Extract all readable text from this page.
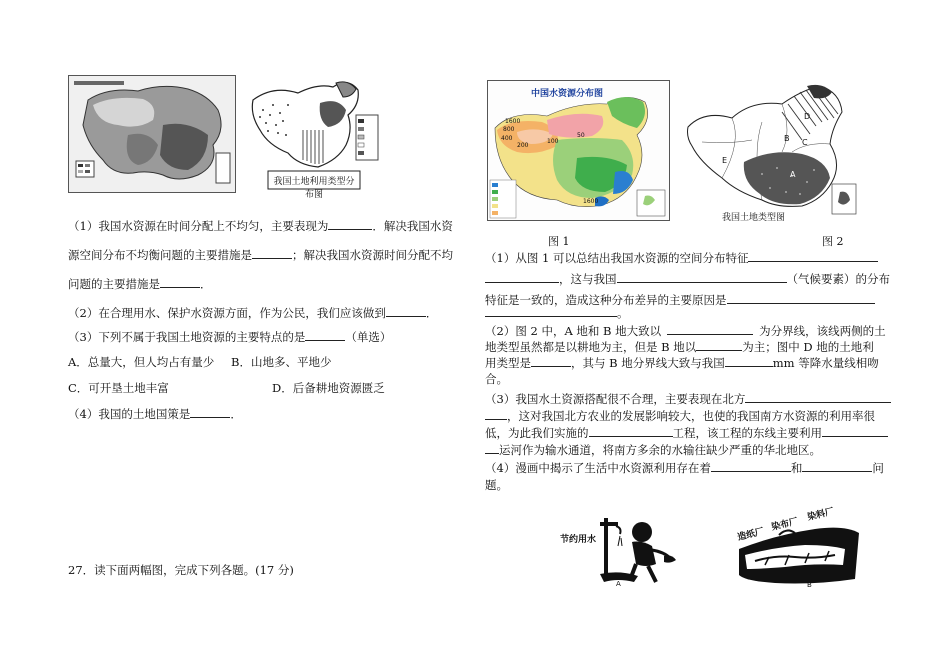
我国土地利用类型分布图
（1）我国水资源在时间分配上不均匀，主要表现为	．解决我国水资
源空间分布不均衡问题的主要措施是	；解决我国水资源时间分配不均
问题的主要措施是	．
（2）在合理用水、保护水资源方面，作为公民，我们应该做到	．
（3）下列不属于我国土地资源的主要特点的是	（单选）
A．总量大，但人均占有量少 B．山地多、平地少
C．可开垦土地丰富	D．后备耕地资源匮乏
（4）我国的土地国策是	．
27．读下面两幅图，完成下列各题。(17 分)
中国水资源分布图
1600
800
400
200
100
50
1600
D
B C
E
A
我国土地类型图
图 1	图 2
（1）从图 1 可以总结出我国水资源的空间分布特征
，这与我国	（气候要素）的分布
特征是一致的，造成这种分布差异的主要原因是
。
（2）图 2 中，A 地和 B 地大致以	为分界线，该线两侧的土
地类型虽然都是以耕地为主，但是 B 地以	为主；图中 D 地的土地利
用类型是	，其与 B 地分界线大致与我国	mm 等降水量线相吻
合。
（3）我国水土资源搭配很不合理，主要表现在北方
，这对我国北方农业的发展影响较大，也使的我国南方水资源的利用率很
低，为此我们实施的	工程，该工程的东线主要利用
运河作为输水通道，将南方多余的水输往缺少严重的华北地区。
（4）漫画中揭示了生活中水资源利用存在着	和	问
题。
节约用水
A
造纸厂
染布厂
染料厂
B
